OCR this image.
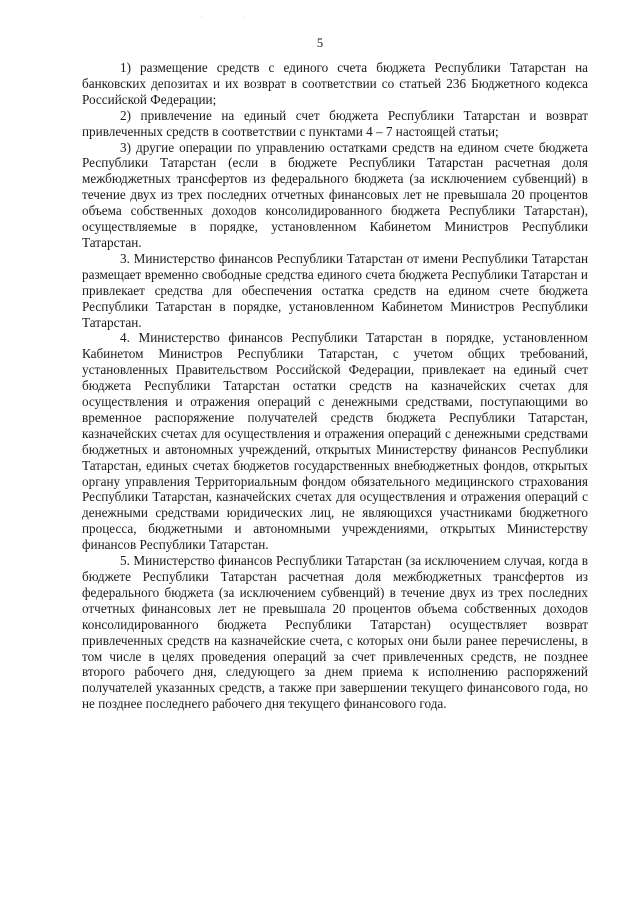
· · ·
5

1) размещение средств с единого счета бюджета Республики Татарстан на банковских депозитах и их возврат в соответствии со статьей 236 Бюджетного кодекса Российской Федерации;

2) привлечение на единый счет бюджета Республики Татарстан и возврат привлеченных средств в соответствии с пунктами 4 – 7 настоящей статьи;

3) другие операции по управлению остатками средств на едином счете бюджета Республики Татарстан (если в бюджете Республики Татарстан расчетная доля межбюджетных трансфертов из федерального бюджета (за исключением субвенций) в течение двух из трех последних отчетных финансовых лет не превышала 20 процентов объема собственных доходов консолидированного бюджета Республики Татарстан), осуществляемые в порядке, установленном Кабинетом Министров Республики Татарстан.

3. Министерство финансов Республики Татарстан от имени Республики Татарстан размещает временно свободные средства единого счета бюджета Республики Татарстан и привлекает средства для обеспечения остатка средств на едином счете бюджета Республики Татарстан в порядке, установленном Кабинетом Министров Республики Татарстан.

4. Министерство финансов Республики Татарстан в порядке, установленном Кабинетом Министров Республики Татарстан, с учетом общих требований, установленных Правительством Российской Федерации, привлекает на единый счет бюджета Республики Татарстан остатки средств на казначейских счетах для осуществления и отражения операций с денежными средствами, поступающими во временное распоряжение получателей средств бюджета Республики Татарстан, казначейских счетах для осуществления и отражения операций с денежными средствами бюджетных и автономных учреждений, открытых Министерству финансов Республики Татарстан, единых счетах бюджетов государственных внебюджетных фондов, открытых органу управления Территориальным фондом обязательного медицинского страхования Республики Татарстан, казначейских счетах для осуществления и отражения операций с денежными средствами юридических лиц, не являющихся участниками бюджетного процесса, бюджетными и автономными учреждениями, открытых Министерству финансов Республики Татарстан.

5. Министерство финансов Республики Татарстан (за исключением случая, когда в бюджете Республики Татарстан расчетная доля межбюджетных трансфертов из федерального бюджета (за исключением субвенций) в течение двух из трех последних отчетных финансовых лет не превышала 20 процентов объема собственных доходов консолидированного бюджета Республики Татарстан) осуществляет возврат привлеченных средств на казначейские счета, с которых они были ранее перечислены, в том числе в целях проведения операций за счет привлеченных средств, не позднее второго рабочего дня, следующего за днем приема к исполнению распоряжений получателей указанных средств, а также при завершении текущего финансового года, но не позднее последнего рабочего дня текущего финансового года.
